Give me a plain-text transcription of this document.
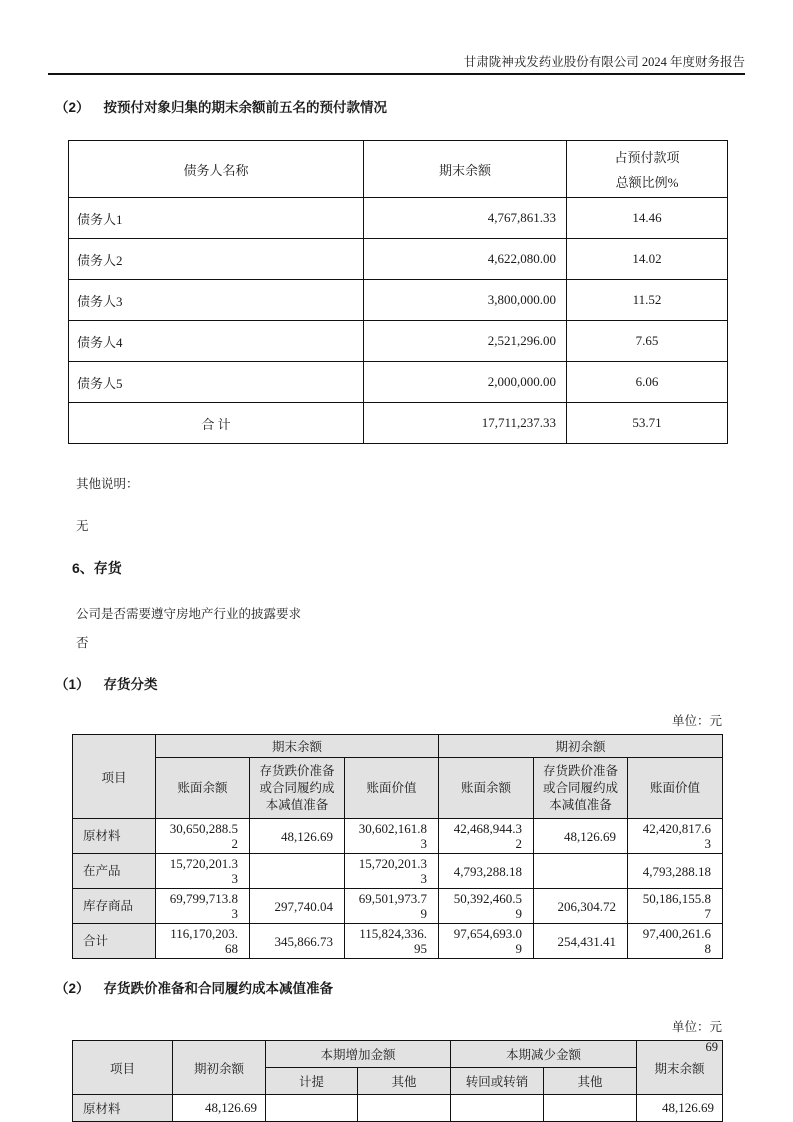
甘肃陇神戎发药业股份有限公司 2024 年度财务报告
（2） 按预付对象归集的期末余额前五名的预付款情况
债务人名称	期末余额	占预付款项
总额比例%

债务人1	4,767,861.33	14.46
债务人2	4,622,080.00	14.02
债务人3	3,800,000.00	11.52
债务人4	2,521,296.00	7.65
债务人5	2,000,000.00	6.06
合 计	17,711,237.33	53.71
其他说明：
无
6、存货
公司是否需要遵守房地产行业的披露要求
否
（1） 存货分类
单位：元
项目	期末余额			期初余额		
	账面余额	存货跌价准备或合同履约成本减值准备	账面价值	账面余额	存货跌价准备或合同履约成本减值准备	账面价值
原材料	30,650,288.52	48,126.69	30,602,161.83	42,468,944.32	48,126.69	42,420,817.63
在产品	15,720,201.33		15,720,201.33	4,793,288.18		4,793,288.18
库存商品	69,799,713.83	297,740.04	69,501,973.79	50,392,460.59	206,304.72	50,186,155.87
合计	116,170,203.68	345,866.73	115,824,336.95	97,654,693.09	254,431.41	97,400,261.68
（2） 存货跌价准备和合同履约成本减值准备
单位：元
项目	期初余额	本期增加金额		本期减少金额		期末余额
		计提	其他	转回或转销	其他	
原材料	48,126.69					48,126.69
69
